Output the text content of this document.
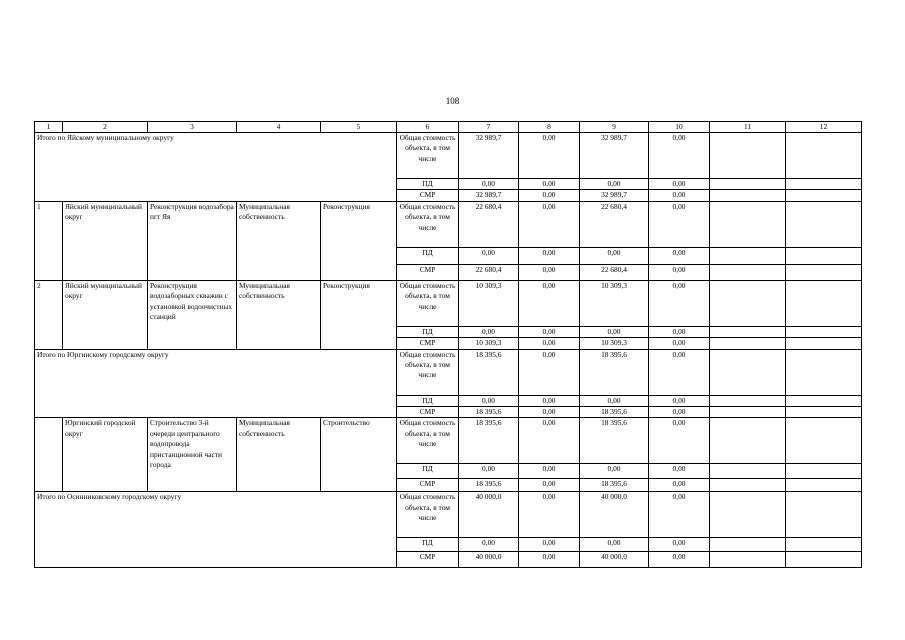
108
1	2	3	4	5	6	7	8	9	10	11	12
Итого по Яйскому муниципальному округу					Общая стоимость объекта, в том числе	32 989,7	0,00	32 989,7	0,00		
					ПД	0,00	0,00	0,00	0,00		
					СМР	32 989,7	0,00	32 989,7	0,00		
1	Яйский муниципальный округ	Реконструкция водозабора пгт Яя	Муниципальная собственность	Реконструкция	Общая стоимость объекта, в том числе	22 680,4	0,00	22 680,4	0,00		
					ПД	0,00	0,00	0,00	0,00		
					СМР	22 680,4	0,00	22 680,4	0,00		
2	Яйский муниципальный округ	Реконструкция водозаборных скважин с установкой водоочистных станций	Муниципальная собственность	Реконструкция	Общая стоимость объекта, в том числе	10 309,3	0,00	10 309,3	0,00		
					ПД	0,00	0,00	0,00	0,00		
					СМР	10 309,3	0,00	10 309,3	0,00		
Итого по Юргинскому городскому округу					Общая стоимость объекта, в том числе	18 395,6	0,00	18 395,6	0,00		
					ПД	0,00	0,00	0,00	0,00		
					СМР	18 395,6	0,00	18 395,6	0,00		
	Юргинский городской округ	Строительство 3-й очереди центрального водопровода пристанционной части города	Муниципальная собственность	Строительство	Общая стоимость объекта, в том числе	18 395,6	0,00	18 395,6	0,00		
					ПД	0,00	0,00	0,00	0,00		
					СМР	18 395,6	0,00	18 395,6	0,00		
Итого по Осинниковскому городскому округу					Общая стоимость объекта, в том числе	40 000,0	0,00	40 000,0	0,00		
					ПД	0,00	0,00	0,00	0,00		
					СМР	40 000,0	0,00	40 000,0	0,00		
